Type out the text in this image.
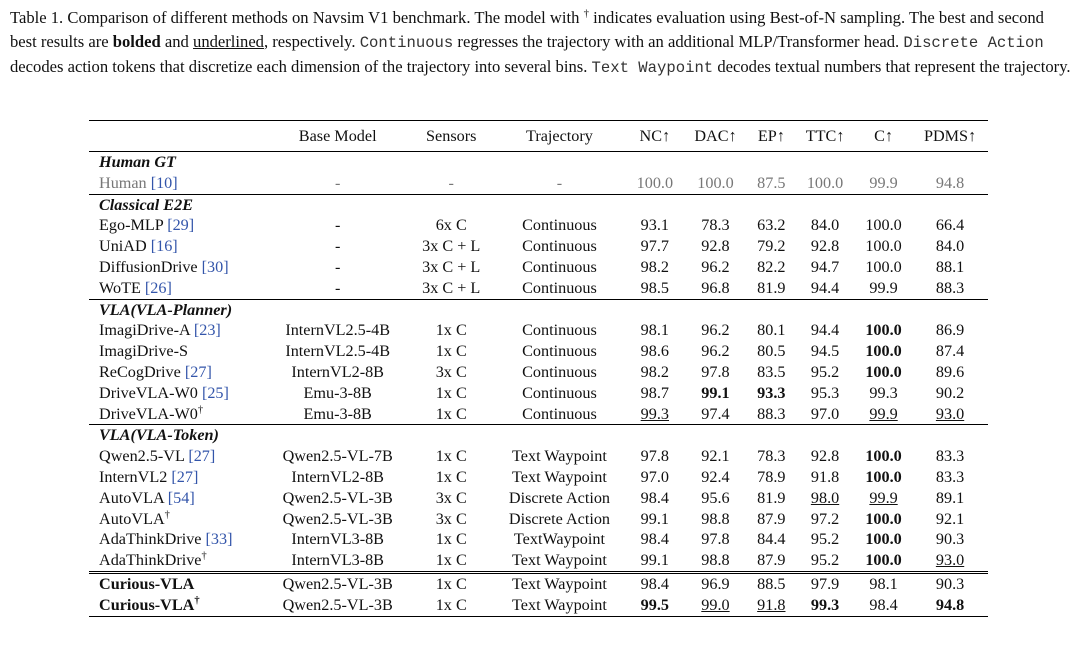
Table 1. Comparison of different methods on Navsim V1 benchmark. The model with † indicates evaluation using Best-of-N sampling. The best and second best results are bolded and underlined, respectively. Continuous regresses the trajectory with an additional MLP/Transformer head. Discrete Action decodes action tokens that discretize each dimension of the trajectory into several bins. Text Waypoint decodes textual numbers that represent the trajectory.
	Base Model	Sensors	Trajectory	NC↑	DAC↑	EP↑	TTC↑	C↑	PDMS↑
Human GT									
Human [10]	-	-	-	100.0	100.0	87.5	100.0	99.9	94.8
Classical E2E									
Ego-MLP [29]	-	6x C	Continuous	93.1	78.3	63.2	84.0	100.0	66.4
UniAD [16]	-	3x C + L	Continuous	97.7	92.8	79.2	92.8	100.0	84.0
DiffusionDrive [30]	-	3x C + L	Continuous	98.2	96.2	82.2	94.7	100.0	88.1
WoTE [26]	-	3x C + L	Continuous	98.5	96.8	81.9	94.4	99.9	88.3
VLA(VLA-Planner)									
ImagiDrive-A [23]	InternVL2.5-4B	1x C	Continuous	98.1	96.2	80.1	94.4	100.0	86.9
ImagiDrive-S	InternVL2.5-4B	1x C	Continuous	98.6	96.2	80.5	94.5	100.0	87.4
ReCogDrive [27]	InternVL2-8B	3x C	Continuous	98.2	97.8	83.5	95.2	100.0	89.6
DriveVLA-W0 [25]	Emu-3-8B	1x C	Continuous	98.7	99.1	93.3	95.3	99.3	90.2
DriveVLA-W0†	Emu-3-8B	1x C	Continuous	99.3	97.4	88.3	97.0	99.9	93.0
VLA(VLA-Token)									
Qwen2.5-VL [27]	Qwen2.5-VL-7B	1x C	Text Waypoint	97.8	92.1	78.3	92.8	100.0	83.3
InternVL2 [27]	InternVL2-8B	1x C	Text Waypoint	97.0	92.4	78.9	91.8	100.0	83.3
AutoVLA [54]	Qwen2.5-VL-3B	3x C	Discrete Action	98.4	95.6	81.9	98.0	99.9	89.1
AutoVLA†	Qwen2.5-VL-3B	3x C	Discrete Action	99.1	98.8	87.9	97.2	100.0	92.1
AdaThinkDrive [33]	InternVL3-8B	1x C	TextWaypoint	98.4	97.8	84.4	95.2	100.0	90.3
AdaThinkDrive†	InternVL3-8B	1x C	Text Waypoint	99.1	98.8	87.9	95.2	100.0	93.0
Curious-VLA	Qwen2.5-VL-3B	1x C	Text Waypoint	98.4	96.9	88.5	97.9	98.1	90.3
Curious-VLA†	Qwen2.5-VL-3B	1x C	Text Waypoint	99.5	99.0	91.8	99.3	98.4	94.8
